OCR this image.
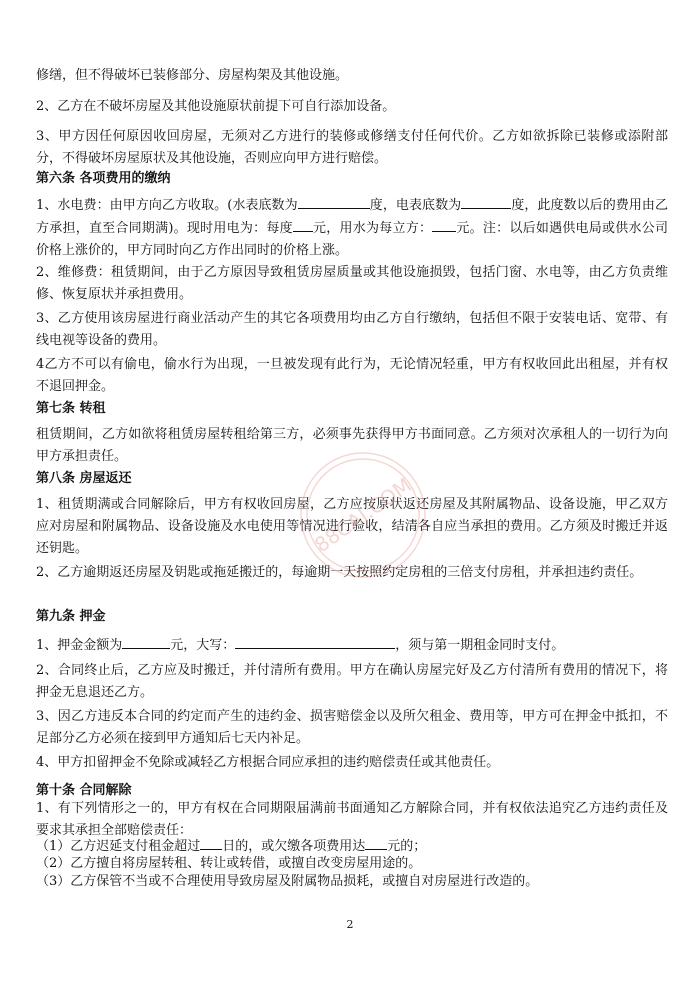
修缮，但不得破坏已装修部分、房屋构架及其他设施。
2、乙方在不破坏房屋及其他设施原状前提下可自行添加设备。
3、甲方因任何原因收回房屋，无须对乙方进行的装修或修缮支付任何代价。乙方如欲拆除已装修或添附部分，不得破坏房屋原状及其他设施，否则应向甲方进行赔偿。
第六条 各项费用的缴纳
1、水电费：由甲方向乙方收取。(水表底数为	度，电表底数为	度，此度数以后的费用由乙方承担，直至合同期满)。现时用电为：每度 元，用水为每立方： 元。注：以后如遇供电局或供水公司价格上涨价的，甲方同时向乙方作出同时的价格上涨。
2、维修费：租赁期间，由于乙方原因导致租赁房屋质量或其他设施损毁，包括门窗、水电等，由乙方负责维修、恢复原状并承担费用。
3、乙方使用该房屋进行商业活动产生的其它各项费用均由乙方自行缴纳，包括但不限于安装电话、宽带、有线电视等设备的费用。
4乙方不可以有偷电，偷水行为出现，一旦被发现有此行为，无论情况轻重，甲方有权收回此出租屋，并有权不退回押金。
第七条 转租
租赁期间，乙方如欲将租赁房屋转租给第三方，必须事先获得甲方书面同意。乙方须对次承租人的一切行为向甲方承担责任。
第八条 房屋返还
1、租赁期满或合同解除后，甲方有权收回房屋，乙方应按原状返还房屋及其附属物品、设备设施，甲乙双方应对房屋和附属物品、设备设施及水电使用等情况进行验收，结清各自应当承担的费用。乙方须及时搬迁并返还钥匙。
2、乙方逾期返还房屋及钥匙或拖延搬迁的，每逾期一天按照约定房租的三倍支付房租，并承担违约责任。
第九条 押金
1、押金金额为	元，大写：	，须与第一期租金同时支付。
2、合同终止后，乙方应及时搬迁，并付清所有费用。甲方在确认房屋完好及乙方付清所有费用的情况下，将押金无息退还乙方。
3、因乙方违反本合同的约定而产生的违约金、损害赔偿金以及所欠租金、费用等，甲方可在押金中抵扣，不足部分乙方必须在接到甲方通知后七天内补足。
4、甲方扣留押金不免除或减轻乙方根据合同应承担的违约赔偿责任或其他责任。
第十条 合同解除
1、有下列情形之一的，甲方有权在合同期限届满前书面通知乙方解除合同，并有权依法追究乙方违约责任及要求其承担全部赔偿责任：
（1）乙方迟延支付租金超过 日的，或欠缴各项费用达 元的；
（2）乙方擅自将房屋转租、转让或转借，或擅自改变房屋用途的。
（3）乙方保管不当或不合理使用导致房屋及附属物品损耗，或擅自对房屋进行改造的。
2
88CAI.COM
